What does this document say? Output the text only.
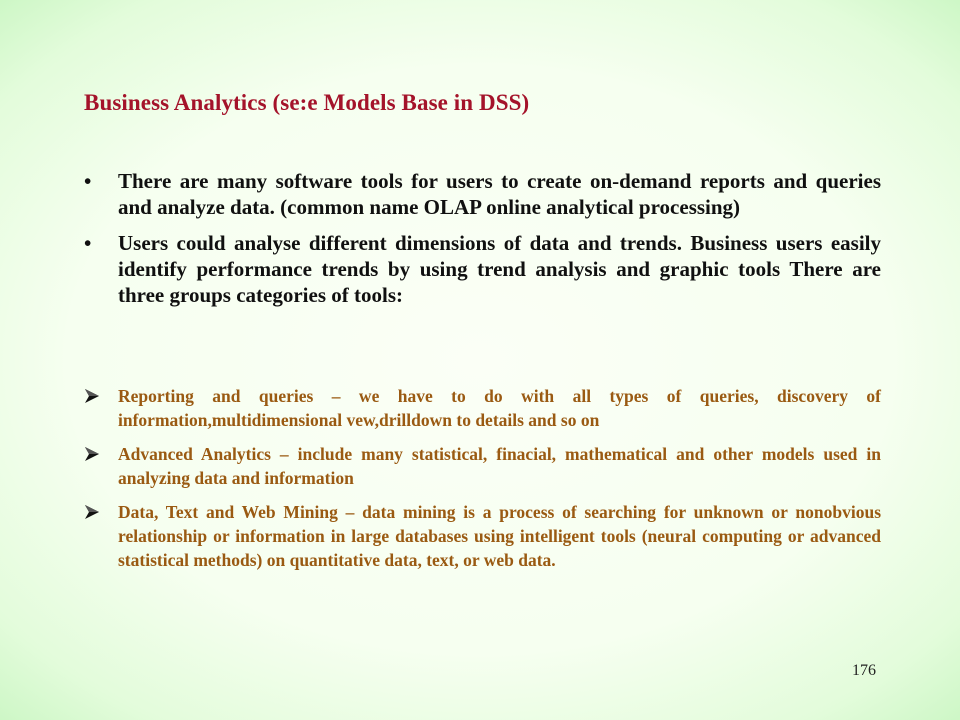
Business Analytics (se:e Models Base in DSS)
•	There are many software tools for users to create on-demand reports and queries and analyze data. (common name OLAP online analytical processing)
•	Users could analyse different dimensions of data and trends. Business users easily identify performance trends by using trend analysis and graphic tools There are three groups categories of tools:
Reporting and queries – we have to do with all types of queries, discovery of information,multidimensional vew,drilldown to details and so on
Advanced Analytics – include many statistical, finacial, mathematical and other models used in analyzing data and information
Data, Text and Web Mining – data mining is a process of searching for unknown or nonobvious relationship or information in large databases using intelligent tools (neural computing or advanced statistical methods) on quantitative data, text, or web data.
176
